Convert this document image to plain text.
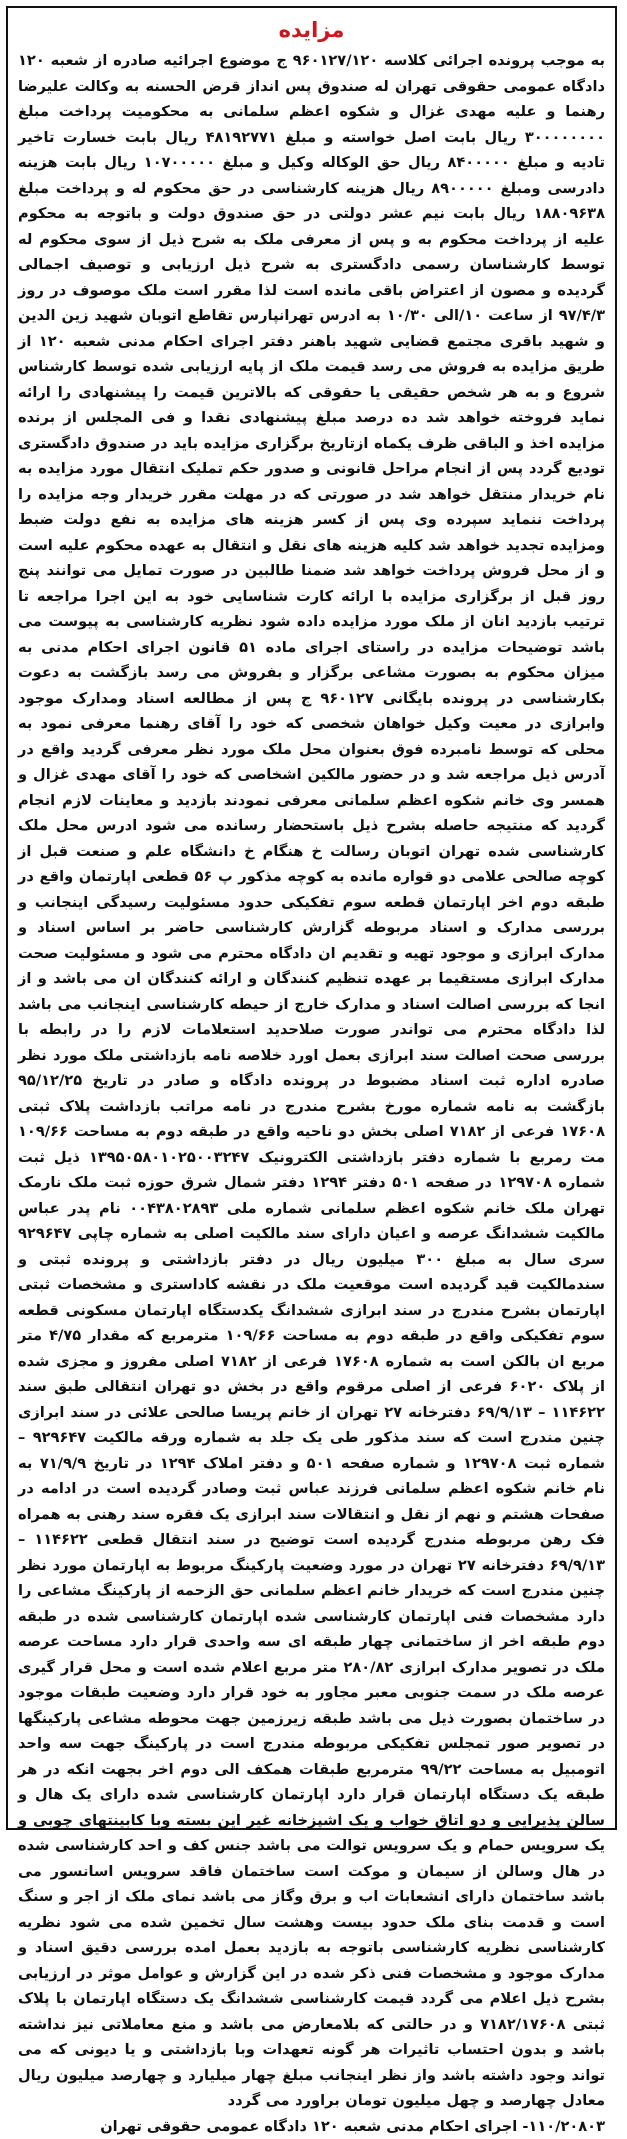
مزایده

به موجب پرونده اجرائی کلاسه ۹۶۰۱۲۷/۱۲۰ ج موضوع اجرائیه صادره از شعبه ۱۲۰ دادگاه عمومی حقوقی تهران له صندوق پس انداز قرض الحسنه به وکالت علیرضا رهنما و علیه مهدی غزال و شکوه اعظم سلمانی به محکومیت پرداخت مبلغ ۳۰۰۰۰۰۰۰۰ ریال بابت اصل خواسته و مبلغ ۴۸۱۹۲۷۷۱ ریال بابت خسارت تاخیر تادیه و مبلغ ۸۴۰۰۰۰۰ ریال حق الوکاله وکیل و مبلغ ۱۰۷۰۰۰۰۰ ریال بابت هزینه دادرسی ومبلغ ۸۹۰۰۰۰۰ ریال هزینه کارشناسی در حق محکوم له و پرداخت مبلغ ۱۸۸۰۹۶۳۸ ریال بابت نیم عشر دولتی در حق صندوق دولت و باتوجه به محکوم علیه از پرداخت محکوم به و پس از معرفی ملک به شرح ذیل از سوی محکوم له توسط کارشناسان رسمی دادگستری به شرح ذیل ارزیابی و توصیف اجمالی گردیده و مصون از اعتراض باقی مانده است لذا مقرر است ملک موصوف در روز ۹۷/۴/۳ از ساعت ۱۰/الی ۱۰/۳۰ به ادرس تهرانپارس تقاطع اتوبان شهید زین الدین و شهید باقری مجتمع قضایی شهید باهنر دفتر اجرای احکام مدنی شعبه ۱۲۰ از طریق مزایده به فروش می رسد قیمت ملک از پایه ارزیابی شده توسط کارشناس شروع و به هر شخص حقیقی یا حقوقی که بالاترین قیمت را پیشنهادی را ارائه نماید فروخته خواهد شد ده درصد مبلغ پیشنهادی نقدا و فی المجلس از برنده مزایده اخذ و الباقی ظرف یکماه ازتاریخ برگزاری مزایده باید در صندوق دادگستری تودیع گردد پس از انجام مراحل قانونی و صدور حکم تملیک انتقال مورد مزایده به نام خریدار منتقل خواهد شد در صورتی که در مهلت مقرر خریدار وجه مزایده را پرداخت ننماید سپرده وی پس از کسر هزینه های مزایده به نفع دولت ضبط ومزایده تجدید خواهد شد کلیه هزینه های نقل و انتقال به عهده محکوم علیه است و از محل فروش پرداخت خواهد شد ضمنا طالبین در صورت تمایل می توانند پنج روز قبل از برگزاری مزایده با ارائه کارت شناسایی خود به این اجرا مراجعه تا ترتیب بازدید انان از ملک مورد مزایده داده شود نظریه کارشناسی به پیوست می باشد توضیحات مزایده در راستای اجرای ماده ۵۱ قانون اجرای احکام مدنی به میزان محکوم به بصورت مشاعی برگزار و بفروش می رسد بازگشت به دعوت بکارشناسی در پرونده بایگانی ۹۶۰۱۲۷ ج پس از مطالعه اسناد ومدارک موجود وابرازی در معیت وکیل خواهان شخصی که خود را آقای رهنما معرفی نمود به محلی که توسط نامبرده فوق بعنوان محل ملک مورد نظر معرفی گردید واقع در آدرس ذیل مراجعه شد و در حضور مالکین اشخاصی که خود را آقای مهدی غزال و همسر وی خانم شکوه اعظم سلمانی معرفی نمودند بازدید و معاینات لازم انجام گردید که منتیجه حاصله بشرح ذیل باستحضار رسانده می شود ادرس محل ملک کارشناسی شده تهران اتوبان رسالت خ هنگام خ دانشگاه علم و صنعت قبل از کوچه صالحی علامی دو قواره مانده به کوچه مذکور پ ۵۶ قطعی اپارتمان واقع در طبقه دوم اخر اپارتمان قطعه سوم تفکیکی حدود مسئولیت رسیدگی اینجانب و بررسی مدارک و اسناد مربوطه گزارش کارشناسی حاضر بر اساس اسناد و مدارک ابرازی و موجود تهیه و تقدیم ان دادگاه محترم می شود و مسئولیت صحت مدارک ابرازی مستقیما بر عهده تنظیم کنندگان و ارائه کنندگان ان می باشد و از انجا که بررسی اصالت اسناد و مدارک خارج از حیطه کارشناسی اینجانب می باشد لذا دادگاه محترم می تواندر صورت صلاحدید استعلامات لازم را در رابطه با بررسی صحت اصالت سند ابرازی بعمل اورد خلاصه نامه بازداشتی ملک مورد نظر صادره اداره ثبت اسناد مضبوط در پرونده دادگاه و صادر در تاریخ ۹۵/۱۲/۲۵ بازگشت به نامه شماره مورخ بشرح مندرج در نامه مراتب بازداشت پلاک ثبتی ۱۷۶۰۸ فرعی از ۷۱۸۲ اصلی بخش دو ناحیه واقع در طبقه دوم به مساحت ۱۰۹/۶۶ مت رمربع با شماره دفتر بازداشتی الکترونیک ۱۳۹۵۰۵۸۰۱۰۲۵۰۰۳۲۴۷ ذیل ثبت شماره ۱۲۹۷۰۸ در صفحه ۵۰۱ دفتر ۱۲۹۴ دفتر شمال شرق حوزه ثبت ملک نارمک تهران ملک خانم شکوه اعظم سلمانی شماره ملی ۰۰۴۳۸۰۲۸۹۳ نام پدر عباس مالکیت ششدانگ عرصه و اعیان دارای سند مالکیت اصلی به شماره چاپی ۹۲۹۶۴۷ سری سال به مبلغ ۳۰۰ میلیون ریال در دفتر بازداشتی و پرونده ثبتی و سندمالکیت قید گردیده است موقعیت ملک در نقشه کاداستری و مشخصات ثبتی اپارتمان بشرح مندرج در سند ابرازی ششدانگ یکدستگاه اپارتمان مسکونی قطعه سوم تفکیکی واقع در طبقه دوم به مساحت ۱۰۹/۶۶ مترمربع که مقدار ۴/۷۵ متر مربع ان بالکن است به شماره ۱۷۶۰۸ فرعی از ۷۱۸۲ اصلی مفروز و مجزی شده از پلاک ۶۰۲۰ فرعی از اصلی مرقوم واقع در بخش دو تهران انتقالی طبق سند ۱۱۴۶۲۲ – ۶۹/۹/۱۳ دفترخانه ۲۷ تهران از خانم پریسا صالحی علائی در سند ابرازی چنین مندرج است که سند مذکور طی یک جلد به شماره ورقه مالکیت ۹۲۹۶۴۷ – شماره ثبت ۱۲۹۷۰۸ و شماره صفحه ۵۰۱ و دفتر املاک ۱۲۹۴ در تاریخ ۷۱/۹/۹ به نام خانم شکوه اعظم سلمانی فرزند عباس ثبت وصادر گردیده است در ادامه در صفحات هشتم و نهم از نقل و انتقالات سند ابرازی یک فقره سند رهنی به همراه فک رهن مربوطه مندرج گردیده است توضیح در سند انتقال قطعی ۱۱۴۶۲۲ – ۶۹/۹/۱۳ دفترخانه ۲۷ تهران در مورد وضعیت پارکینگ مربوط به اپارتمان مورد نظر چنین مندرج است که خریدار خانم اعظم سلمانی حق الزحمه از پارکینگ مشاعی را دارد مشخصات فنی اپارتمان کارشناسی شده اپارتمان کارشناسی شده در طبقه دوم طبقه اخر از ساختمانی چهار طبقه ای سه واحدی قرار دارد مساحت عرصه ملک در تصویر مدارک ابرازی ۲۸۰/۸۲ متر مربع اعلام شده است و محل قرار گیری عرصه ملک در سمت جنوبی معبر مجاور به خود قرار دارد وضعیت طبقات موجود در ساختمان بصورت ذیل می باشد طبقه زیرزمین جهت محوطه مشاعی پارکینگها در تصویر صور تمجلس تفکیکی مربوطه مندرج است در پارکینگ جهت سه واحد اتومبیل به مساحت ۹۹/۲۲ مترمربع طبقات همکف الی دوم اخر بجهت انکه در هر طبقه یک دستگاه اپارتمان قرار دارد اپارتمان کارشناسی شده دارای یک هال و سالن پذیرایی و دو اتاق خواب و یک اشپزخانه غیر این بسته وبا کابینتهای چوبی و یک سرویس حمام و یک سرویس توالت می باشد جنس کف و احد کارشناسی شده در هال وسالن از سیمان و موکت است ساختمان فاقد سرویس اسانسور می باشد ساختمان دارای انشعابات اب و برق وگاز می باشد نمای ملک از اجر و سنگ است و قدمت بنای ملک حدود بیست وهشت سال تخمین شده می شود نظریه کارشناسی نظریه کارشناسی باتوجه به بازدید بعمل امده بررسی دقیق اسناد و مدارک موجود و مشخصات فنی ذکر شده در این گزارش و عوامل موثر در ارزیابی بشرح ذیل اعلام می گردد قیمت کارشناسی ششدانگ یک دستگاه اپارتمان با پلاک ثبتی ۷۱۸۲/۱۷۶۰۸ و در حالتی که بلامعارض می باشد و منع معاملاتی نیز نداشته باشد و بدون احتساب تاثیرات هر گونه تعهدات وبا بازداشتی و یا دیونی که می تواند وجود داشته باشد واز نظر اینجانب مبلغ چهار میلیارد و چهارصد میلیون ریال معادل چهارصد و چهل میلیون تومان براورد می گردد

۱۱۰/۲۰۸۰۳- اجرای احکام مدنی شعبه ۱۲۰ دادگاه عمومی حقوقی تهران
